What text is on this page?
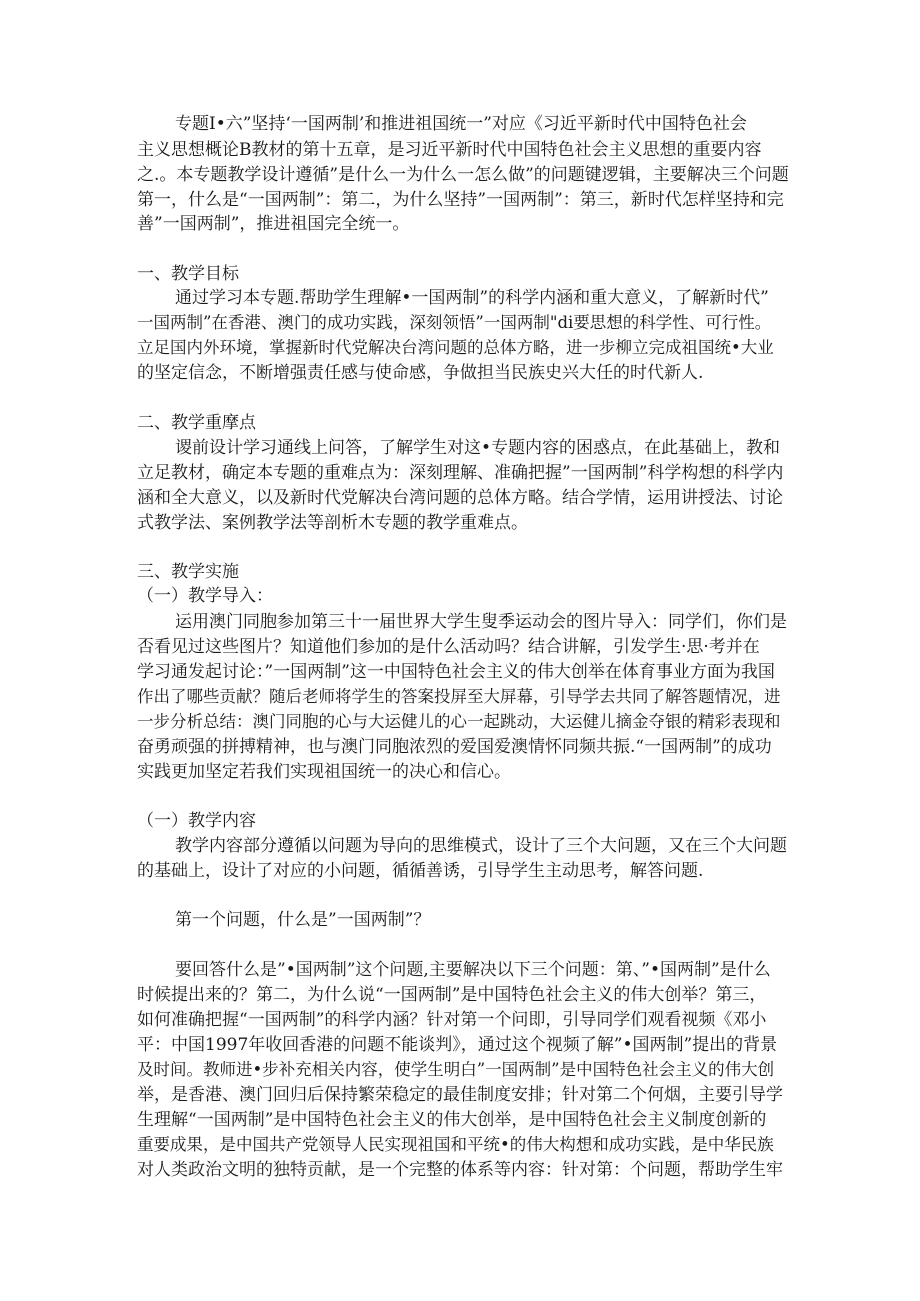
专题Ⅰ•六”坚持‘一国两制’和推进祖国统一”对应《习近平新时代中国特色社会
主义思想概论B教材的第十五章，是习近平新时代中国特色社会主义思想的重要内容
之.。本专题教学设计遵循”是什么一为什么一怎么做”的问题键逻辑，主要解决三个问题
第一，什么是“一国两制”：第二，为什么坚持”一国两制”：第三，新时代怎样坚持和完
善”一国两制”，推进祖国完全统一。
一、教学目标
通过学习本专题.帮助学生理解•一国两制”的科学内涵和重大意义，了解新时代”
一国两制”在香港、澳门的成功实践，深刻领悟”一国两制"di要思想的科学性、可行性。
立足国内外环境，掌握新时代党解决台湾问题的总体方略，进一步柳立完成祖国统•大业
的坚定信念，不断增强责任感与使命感，争做担当民族史兴大任的时代新人.
二、教学重摩点
谡前设计学习通线上问答，了解学生对这•专题内容的困惑点，在此基础上，教和
立足教材，确定本专题的重难点为：深刻理解、准确把握”一国两制”科学构想的科学内
涵和全大意义，以及新时代党解决台湾问题的总体方略。结合学情，运用讲授法、讨论
式教学法、案例教学法等剖析木专题的教学重难点。
三、教学实施
（一）教学导入：
运用澳门同胞参加第三十一届世界大学生叟季运动会的图片导入：同学们，你们是
否看见过这些图片？知道他们参加的是什么活动吗？结合讲解，引发学生·思·考并在
学习通发起讨论：”一国两制”这一中国特色社会主义的伟大创举在体育事业方面为我国
作出了哪些贡献？随后老师将学生的答案投屏至大屏幕，引导学去共同了解答题情况，进
一步分析总结：澳门同胞的心与大运健儿的心一起跳动，大运健儿摘金夺银的精彩表现和
奋勇顽强的拼搏精神，也与澳门同胞浓烈的爱国爱澳情怀同频共振.“一国两制”的成功
实践更加坚定若我们实现祖国统一的决心和信心。
（一）教学内容
教学内容部分遵循以问题为导向的思维模式，设计了三个大问题，又在三个大问题
的基础上，设计了对应的小问题，循循善诱，引导学生主动思考，解答问题.
第一个问题，什么是”一国两制”？
要回答什么是”•国两制”这个问题,主要解决以下三个问题：第、”•国两制”是什么
时候提出来的？第二，为什么说“一国两制”是中国特色社会主义的伟大创举？第三，
如何准确把握“一国两制”的科学内涵？针对第一个问即，引导同学们观看视频《邓小
平：中国1997年收回香港的问题不能谈判》，通过这个视频了解”•国两制”提出的背景
及时间。教师进•步补充相关内容，使学生明白”一国两制”是中国特色社会主义的伟大创
举，是香港、澳门回归后保持繁荣稳定的最佳制度安排；针对第二个何烟，主要引导学
生理解“一国两制”是中国特色社会主义的伟大创举，是中国特色社会主义制度创新的
重要成果，是中国共产党领导人民实现祖国和平统•的伟大构想和成功实践，是中华民族
对人类政治文明的独特贡献，是一个完整的体系等内容：针对第：个问题，帮助学生牢
